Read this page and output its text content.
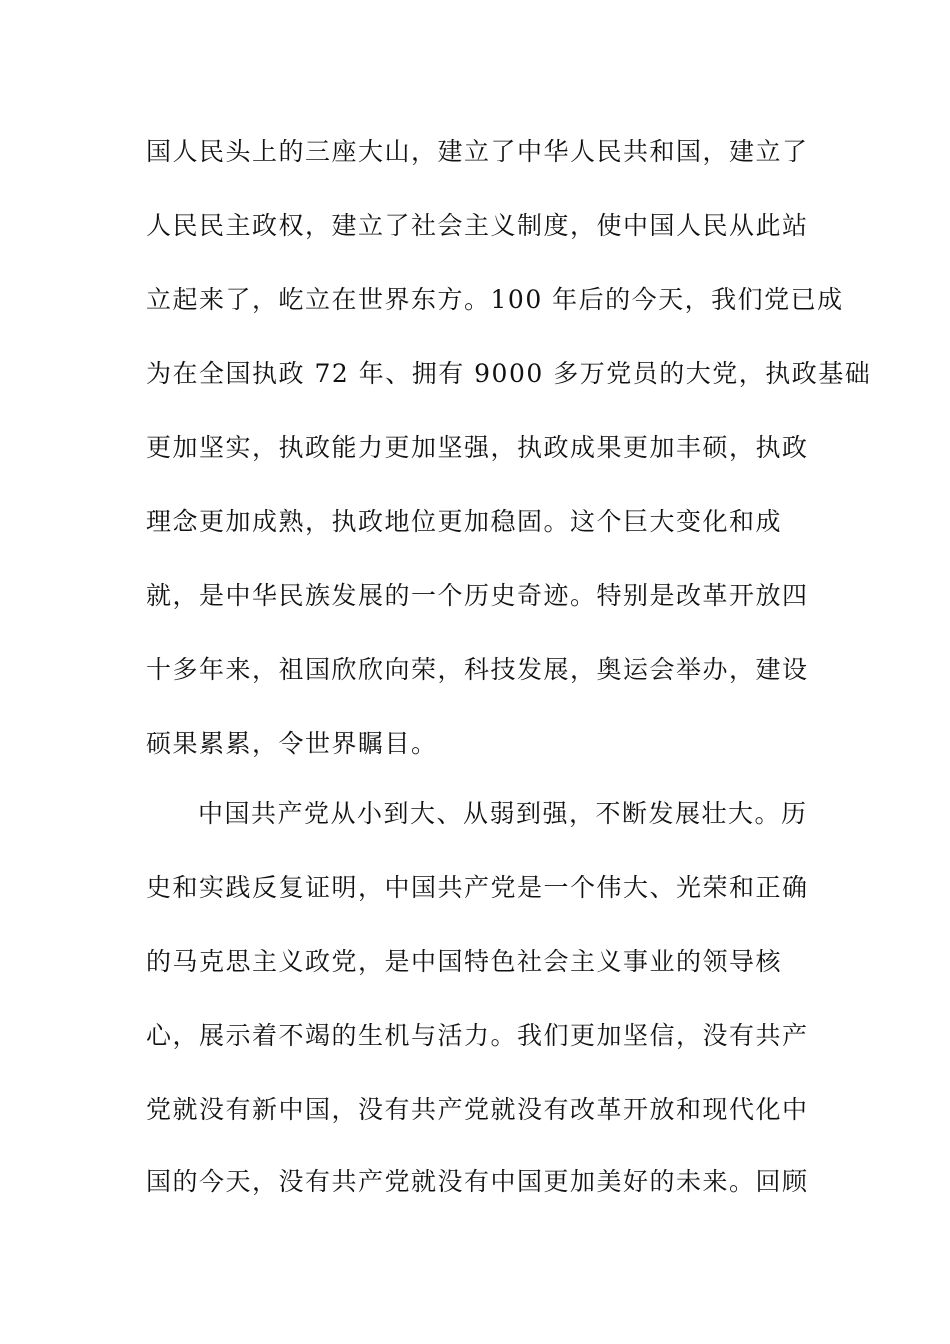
国人民头上的三座大山，建立了中华人民共和国，建立了
人民民主政权，建立了社会主义制度，使中国人民从此站
立起来了，屹立在世界东方。100 年后的今天，我们党已成
为在全国执政 72 年、拥有 9000 多万党员的大党，执政基础
更加坚实，执政能力更加坚强，执政成果更加丰硕，执政
理念更加成熟，执政地位更加稳固。这个巨大变化和成
就，是中华民族发展的一个历史奇迹。特别是改革开放四
十多年来，祖国欣欣向荣，科技发展，奥运会举办，建设
硕果累累，令世界瞩目。
中国共产党从小到大、从弱到强，不断发展壮大。历
史和实践反复证明，中国共产党是一个伟大、光荣和正确
的马克思主义政党，是中国特色社会主义事业的领导核
心，展示着不竭的生机与活力。我们更加坚信，没有共产
党就没有新中国，没有共产党就没有改革开放和现代化中
国的今天，没有共产党就没有中国更加美好的未来。回顾
